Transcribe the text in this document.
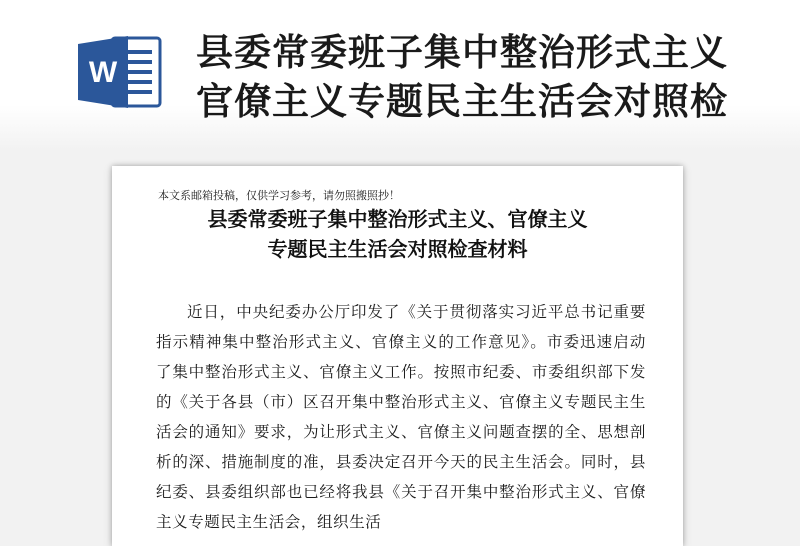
W 县委常委班子集中整治形式主义
官僚主义专题民主生活会对照检

本文系邮箱投稿，仅供学习参考，请勿照搬照抄！

县委常委班子集中整治形式主义、官僚主义
专题民主生活会对照检查材料

近日，中央纪委办公厅印发了《关于贯彻落实习近平总书记重要指示精神集中整治形式主义、官僚主义的工作意见》。市委迅速启动了集中整治形式主义、官僚主义工作。按照市纪委、市委组织部下发的《关于各县（市）区召开集中整治形式主义、官僚主义专题民主生活会的通知》要求，为让形式主义、官僚主义问题查摆的全、思想剖析的深、措施制度的准，县委决定召开今天的民主生活会。同时，县纪委、县委组织部也已经将我县《关于召开集中整治形式主义、官僚主义专题民主生活会，组织生活
